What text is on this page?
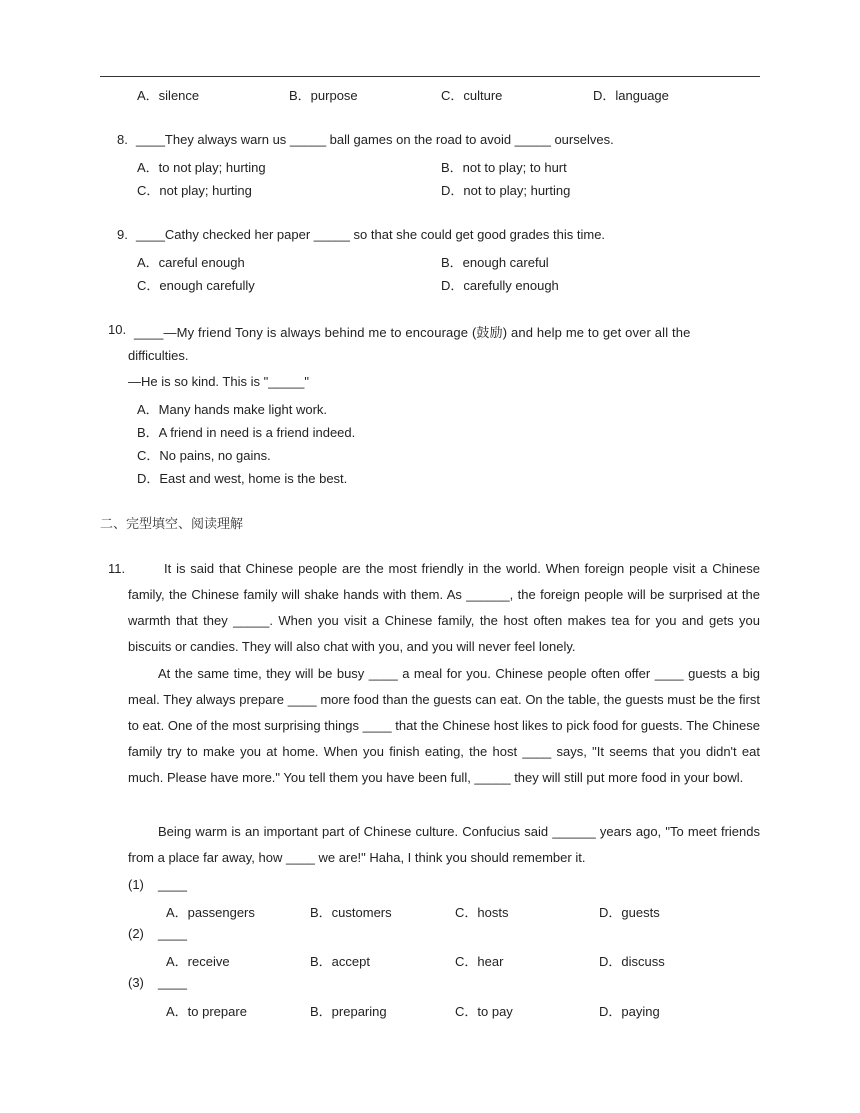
A．silence	B．purpose	C．culture	D．language
8. ____They always warn us _____ ball games on the road to avoid _____ ourselves.
A．to not play; hurting	B．not to play; to hurt
C．not play; hurting	D．not to play; hurting
9. ____Cathy checked her paper _____ so that she could get good grades this time.
A．careful enough	B．enough careful
C．enough carefully	D．carefully enough
10. ____—My friend Tony is always behind me to encourage (鼓励) and help me to get over all the
difficulties.
—He is so kind. This is "_____"
A．Many hands make light work.
B．A friend in need is a friend indeed.
C．No pains, no gains.
D．East and west, home is the best.
二、完型填空、阅读理解
11.	It is said that Chinese people are the most friendly in the world. When foreign people visit a Chinese family, the Chinese family will shake hands with them. As ______, the foreign people will be surprised at the warmth that they _____. When you visit a Chinese family, the host often makes tea for you and gets you biscuits or candies. They will also chat with you, and you will never feel lonely.
At the same time, they will be busy ____ a meal for you. Chinese people often offer ____ guests a big meal. They always prepare ____ more food than the guests can eat. On the table, the guests must be the first to eat. One of the most surprising things ____ that the Chinese host likes to pick food for guests. The Chinese family try to make you at home. When you finish eating, the host ____ says, "It seems that you didn't eat much. Please have more." You tell them you have been full, _____ they will still put more food in your bowl.
Being warm is an important part of Chinese culture. Confucius said ______ years ago, "To meet friends from a place far away, how ____ we are!" Haha, I think you should remember it.
(1) ____
A．passengers	B．customers	C．hosts	D．guests
(2) ____
A．receive	B．accept	C．hear	D．discuss
(3) ____
A．to prepare	B．preparing	C．to pay	D．paying
